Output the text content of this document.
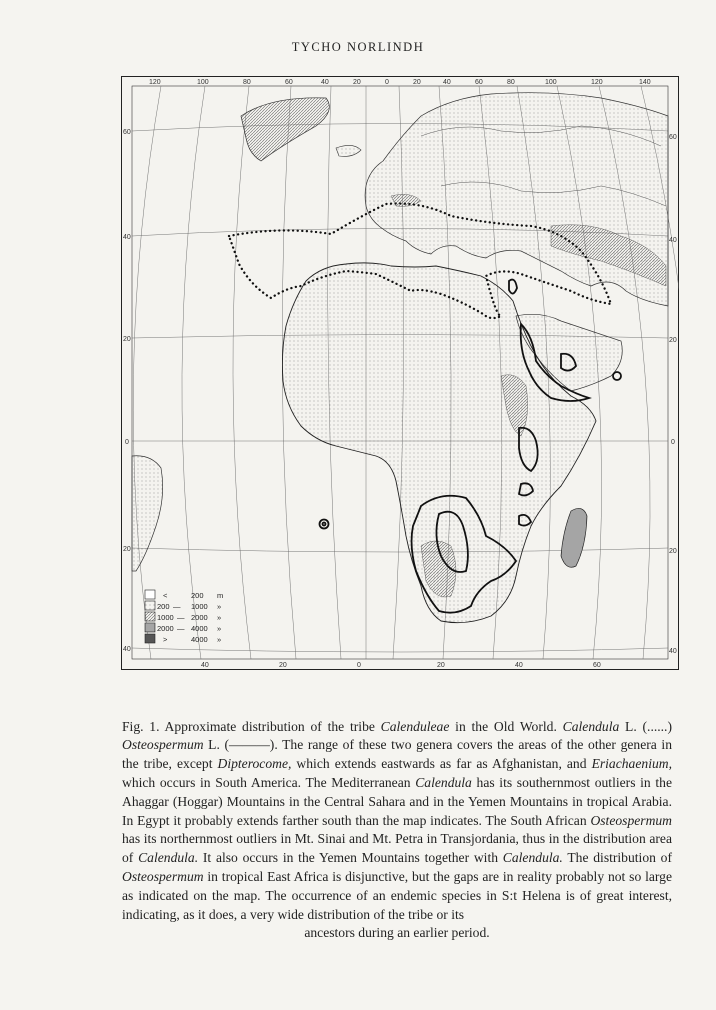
TYCHO NORLINDH
120	100	80	60	40	20	0	20	40	60	80	100	120	140
40	20	0	20	40	60
60
40
20
0
20
40
60
40
20
0
20
40
<	200 m
200 — 1000 »
1000 — 2000 »
2000 — 4000 »
>	4000 »

Fig. 1. Approximate distribution of the tribe Calenduleae in the Old World. Calendula L. (......) Osteospermum L. (———). The range of these two genera covers the areas of the other genera in the tribe, except Dipterocome, which extends eastwards as far as Afghanistan, and Eriachaenium, which occurs in South America. The Mediterranean Calendula has its southernmost outliers in the Ahaggar (Hoggar) Mountains in the Central Sahara and in the Yemen Mountains in tropical Arabia. In Egypt it probably extends farther south than the map indicates. The South African Osteospermum has its northernmost outliers in Mt. Sinai and Mt. Petra in Transjordania, thus in the distribution area of Calendula. It also occurs in the Yemen Mountains together with Calendula. The distribution of Osteospermum in tropical East Africa is disjunctive, but the gaps are in reality probably not so large as indicated on the map. The occurrence of an endemic species in S:t Helena is of great interest, indicating, as it does, a very wide distribution of the tribe or its
ancestors during an earlier period.
